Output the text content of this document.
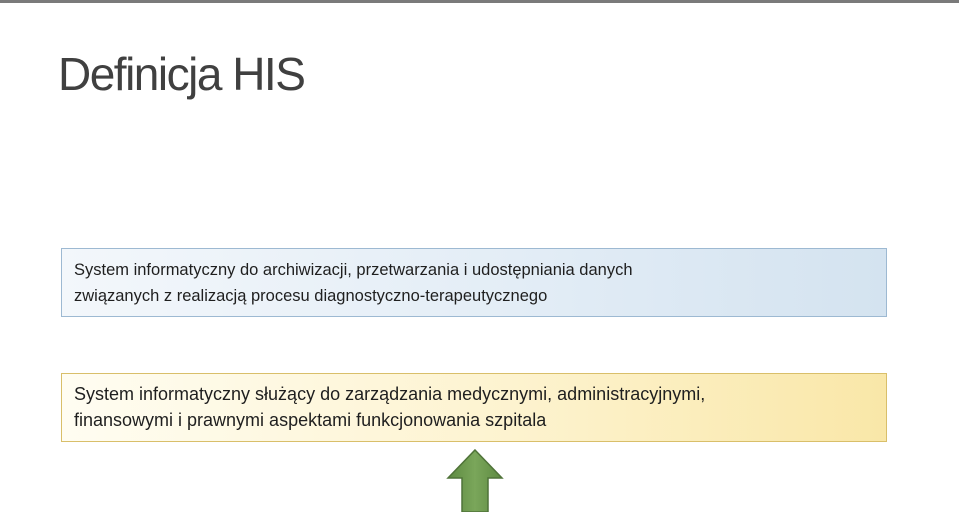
Definicja HIS
System informatyczny do archiwizacji, przetwarzania i udostępniania danych
związanych z realizacją procesu diagnostyczno-terapeutycznego
System informatyczny służący do zarządzania medycznymi, administracyjnymi,
finansowymi i prawnymi aspektami funkcjonowania szpitala
